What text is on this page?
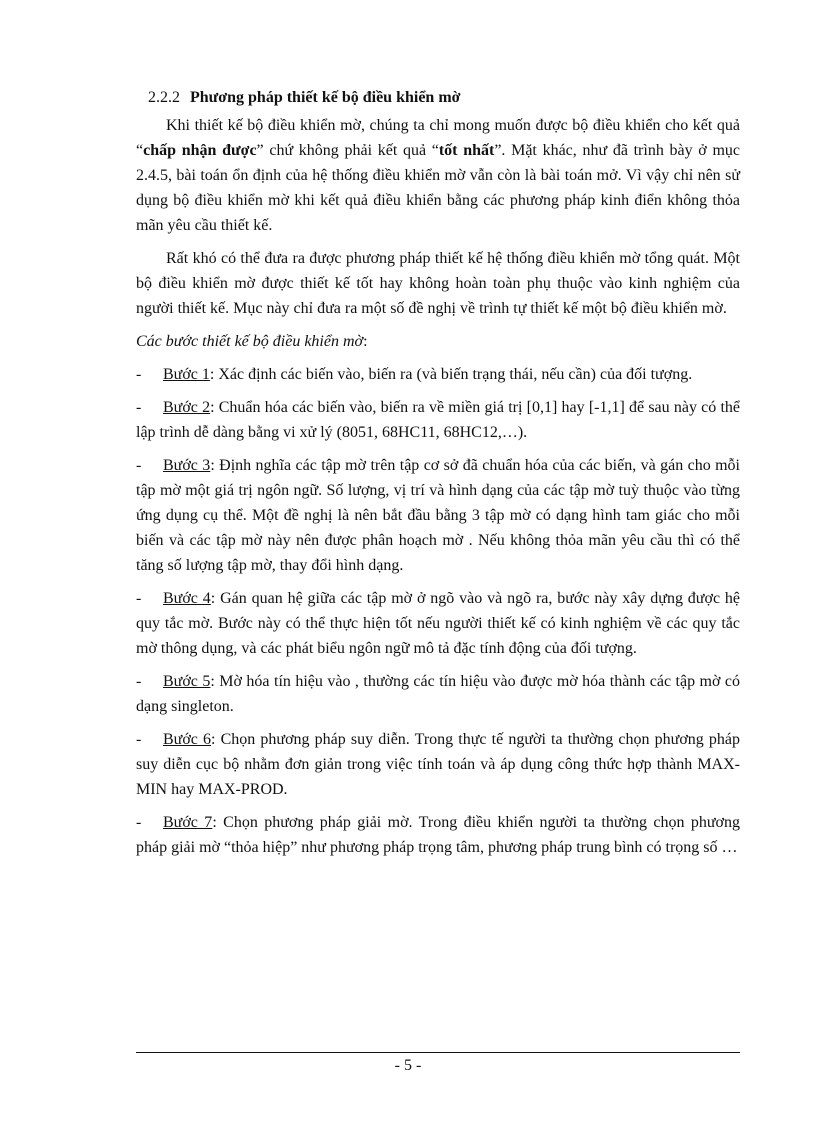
2.2.2 Phương pháp thiết kế bộ điều khiển mờ

Khi thiết kế bộ điều khiển mờ, chúng ta chỉ mong muốn được bộ điều khiển cho kết quả “chấp nhận được” chứ không phải kết quả “tốt nhất”. Mặt khác, như đã trình bày ở mục 2.4.5, bài toán ổn định của hệ thống điều khiển mờ vẫn còn là bài toán mở. Vì vậy chỉ nên sử dụng bộ điều khiển mờ khi kết quả điều khiển bằng các phương pháp kinh điển không thỏa mãn yêu cầu thiết kế.

Rất khó có thể đưa ra được phương pháp thiết kế hệ thống điều khiển mờ tổng quát. Một bộ điều khiển mờ được thiết kế tốt hay không hoàn toàn phụ thuộc vào kinh nghiệm của người thiết kế. Mục này chỉ đưa ra một số đề nghị về trình tự thiết kế một bộ điều khiển mờ.

Các bước thiết kế bộ điều khiển mờ:

- Bước 1: Xác định các biến vào, biến ra (và biến trạng thái, nếu cần) của đối tượng.

- Bước 2: Chuẩn hóa các biến vào, biến ra về miền giá trị [0,1] hay [-1,1] để sau này có thể lập trình dễ dàng bằng vi xử lý (8051, 68HC11, 68HC12,…).

- Bước 3: Định nghĩa các tập mờ trên tập cơ sở đã chuẩn hóa của các biến, và gán cho mỗi tập mờ một giá trị ngôn ngữ. Số lượng, vị trí và hình dạng của các tập mờ tuỳ thuộc vào từng ứng dụng cụ thể. Một đề nghị là nên bắt đầu bằng 3 tập mờ có dạng hình tam giác cho mỗi biến và các tập mờ này nên được phân hoạch mờ . Nếu không thỏa mãn yêu cầu thì có thể tăng số lượng tập mờ, thay đổi hình dạng.

- Bước 4: Gán quan hệ giữa các tập mờ ở ngõ vào và ngõ ra, bước này xây dựng được hệ quy tắc mờ. Bước này có thể thực hiện tốt nếu người thiết kế có kinh nghiệm về các quy tắc mờ thông dụng, và các phát biểu ngôn ngữ mô tả đặc tính động của đối tượng.

- Bước 5: Mờ hóa tín hiệu vào , thường các tín hiệu vào được mờ hóa thành các tập mờ có dạng singleton.

- Bước 6: Chọn phương pháp suy diễn. Trong thực tế người ta thường chọn phương pháp suy diễn cục bộ nhằm đơn giản trong việc tính toán và áp dụng công thức hợp thành MAX-MIN hay MAX-PROD.

- Bước 7: Chọn phương pháp giải mờ. Trong điều khiển người ta thường chọn phương pháp giải mờ “thỏa hiệp” như phương pháp trọng tâm, phương pháp trung bình có trọng số …

- 5 -
